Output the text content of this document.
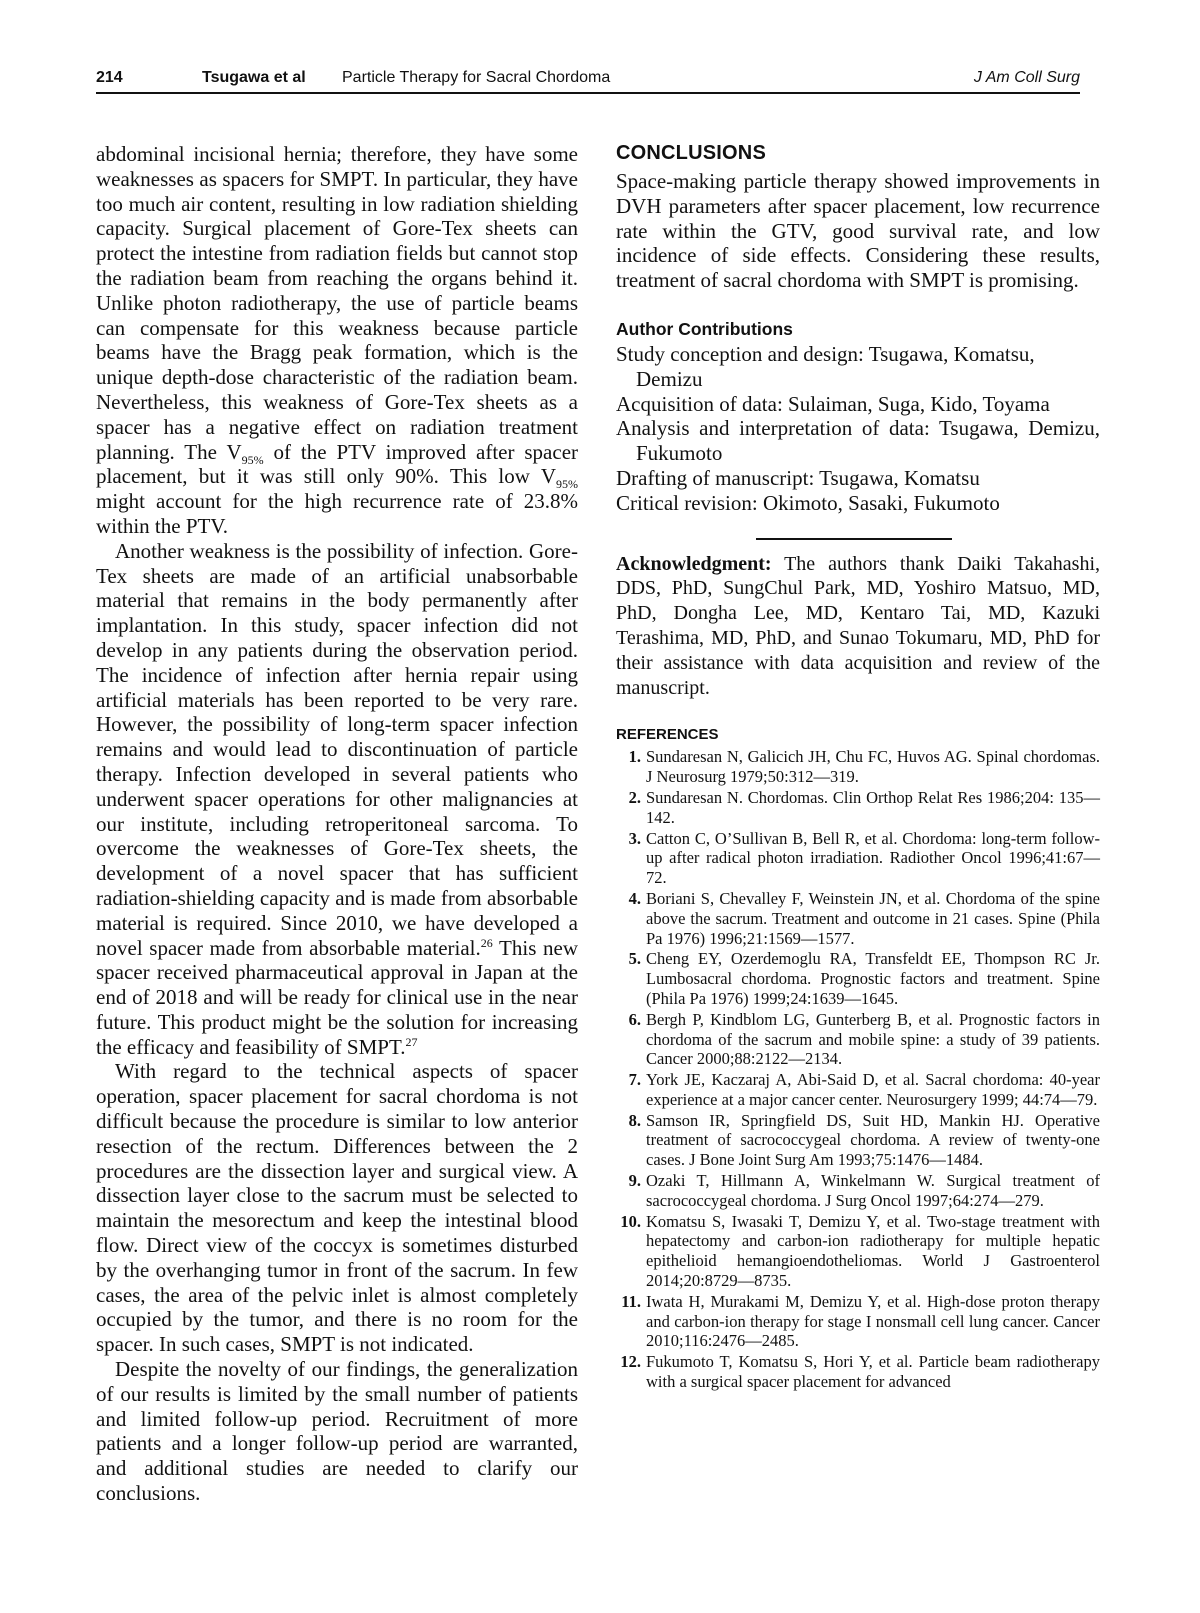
214	Tsugawa et al Particle Therapy for Sacral Chordoma	J Am Coll Surg

abdominal incisional hernia; therefore, they have some weaknesses as spacers for SMPT. In particular, they have too much air content, resulting in low radiation shielding capacity. Surgical placement of Gore-Tex sheets can protect the intestine from radiation fields but cannot stop the radiation beam from reaching the organs behind it. Unlike photon radiotherapy, the use of particle beams can compensate for this weakness because particle beams have the Bragg peak formation, which is the unique depth-dose characteristic of the radiation beam. Nevertheless, this weakness of Gore-Tex sheets as a spacer has a negative effect on radiation treatment planning. The $V_{95\%}$ of the PTV improved after spacer placement, but it was still only 90%. This low $V_{95\%}$ might account for the high recurrence rate of 23.8% within the PTV.

Another weakness is the possibility of infection. Gore-Tex sheets are made of an artificial unabsorbable material that remains in the body permanently after implantation. In this study, spacer infection did not develop in any patients during the observation period. The incidence of infection after hernia repair using artificial materials has been reported to be very rare. However, the possibility of long-term spacer infection remains and would lead to discontinuation of particle therapy. Infection developed in several patients who underwent spacer operations for other malignancies at our institute, including retroperitoneal sarcoma. To overcome the weaknesses of Gore-Tex sheets, the development of a novel spacer that has sufficient radiation-shielding capacity and is made from absorbable material is required. Since 2010, we have developed a novel spacer made from absorbable material.$^{26}$ This new spacer received pharmaceutical approval in Japan at the end of 2018 and will be ready for clinical use in the near future. This product might be the solution for increasing the efficacy and feasibility of SMPT.$^{27}$

With regard to the technical aspects of spacer operation, spacer placement for sacral chordoma is not difficult because the procedure is similar to low anterior resection of the rectum. Differences between the 2 procedures are the dissection layer and surgical view. A dissection layer close to the sacrum must be selected to maintain the mesorectum and keep the intestinal blood flow. Direct view of the coccyx is sometimes disturbed by the overhanging tumor in front of the sacrum. In few cases, the area of the pelvic inlet is almost completely occupied by the tumor, and there is no room for the spacer. In such cases, SMPT is not indicated.

Despite the novelty of our findings, the generalization of our results is limited by the small number of patients and limited follow-up period. Recruitment of more patients and a longer follow-up period are warranted, and additional studies are needed to clarify our conclusions.

CONCLUSIONS

Space-making particle therapy showed improvements in DVH parameters after spacer placement, low recurrence rate within the GTV, good survival rate, and low incidence of side effects. Considering these results, treatment of sacral chordoma with SMPT is promising.

Author Contributions
Study conception and design: Tsugawa, Komatsu, Demizu
Acquisition of data: Sulaiman, Suga, Kido, Toyama
Analysis and interpretation of data: Tsugawa, Demizu, Fukumoto
Drafting of manuscript: Tsugawa, Komatsu
Critical revision: Okimoto, Sasaki, Fukumoto

Acknowledgment: The authors thank Daiki Takahashi, DDS, PhD, SungChul Park, MD, Yoshiro Matsuo, MD, PhD, Dongha Lee, MD, Kentaro Tai, MD, Kazuki Terashima, MD, PhD, and Sunao Tokumaru, MD, PhD for their assistance with data acquisition and review of the manuscript.

REFERENCES
1. Sundaresan N, Galicich JH, Chu FC, Huvos AG. Spinal chordomas. J Neurosurg 1979;50:312—319.
2. Sundaresan N. Chordomas. Clin Orthop Relat Res 1986;204: 135—142.
3. Catton C, O’Sullivan B, Bell R, et al. Chordoma: long-term follow-up after radical photon irradiation. Radiother Oncol 1996;41:67—72.
4. Boriani S, Chevalley F, Weinstein JN, et al. Chordoma of the spine above the sacrum. Treatment and outcome in 21 cases. Spine (Phila Pa 1976) 1996;21:1569—1577.
5. Cheng EY, Ozerdemoglu RA, Transfeldt EE, Thompson RC Jr. Lumbosacral chordoma. Prognostic factors and treatment. Spine (Phila Pa 1976) 1999;24:1639—1645.
6. Bergh P, Kindblom LG, Gunterberg B, et al. Prognostic factors in chordoma of the sacrum and mobile spine: a study of 39 patients. Cancer 2000;88:2122—2134.
7. York JE, Kaczaraj A, Abi-Said D, et al. Sacral chordoma: 40-year experience at a major cancer center. Neurosurgery 1999; 44:74—79.
8. Samson IR, Springfield DS, Suit HD, Mankin HJ. Operative treatment of sacrococcygeal chordoma. A review of twenty-one cases. J Bone Joint Surg Am 1993;75:1476—1484.
9. Ozaki T, Hillmann A, Winkelmann W. Surgical treatment of sacrococcygeal chordoma. J Surg Oncol 1997;64:274—279.
10. Komatsu S, Iwasaki T, Demizu Y, et al. Two-stage treatment with hepatectomy and carbon-ion radiotherapy for multiple hepatic epithelioid hemangioendotheliomas. World J Gastroenterol 2014;20:8729—8735.
11. Iwata H, Murakami M, Demizu Y, et al. High-dose proton therapy and carbon-ion therapy for stage I nonsmall cell lung cancer. Cancer 2010;116:2476—2485.
12. Fukumoto T, Komatsu S, Hori Y, et al. Particle beam radiotherapy with a surgical spacer placement for advanced
